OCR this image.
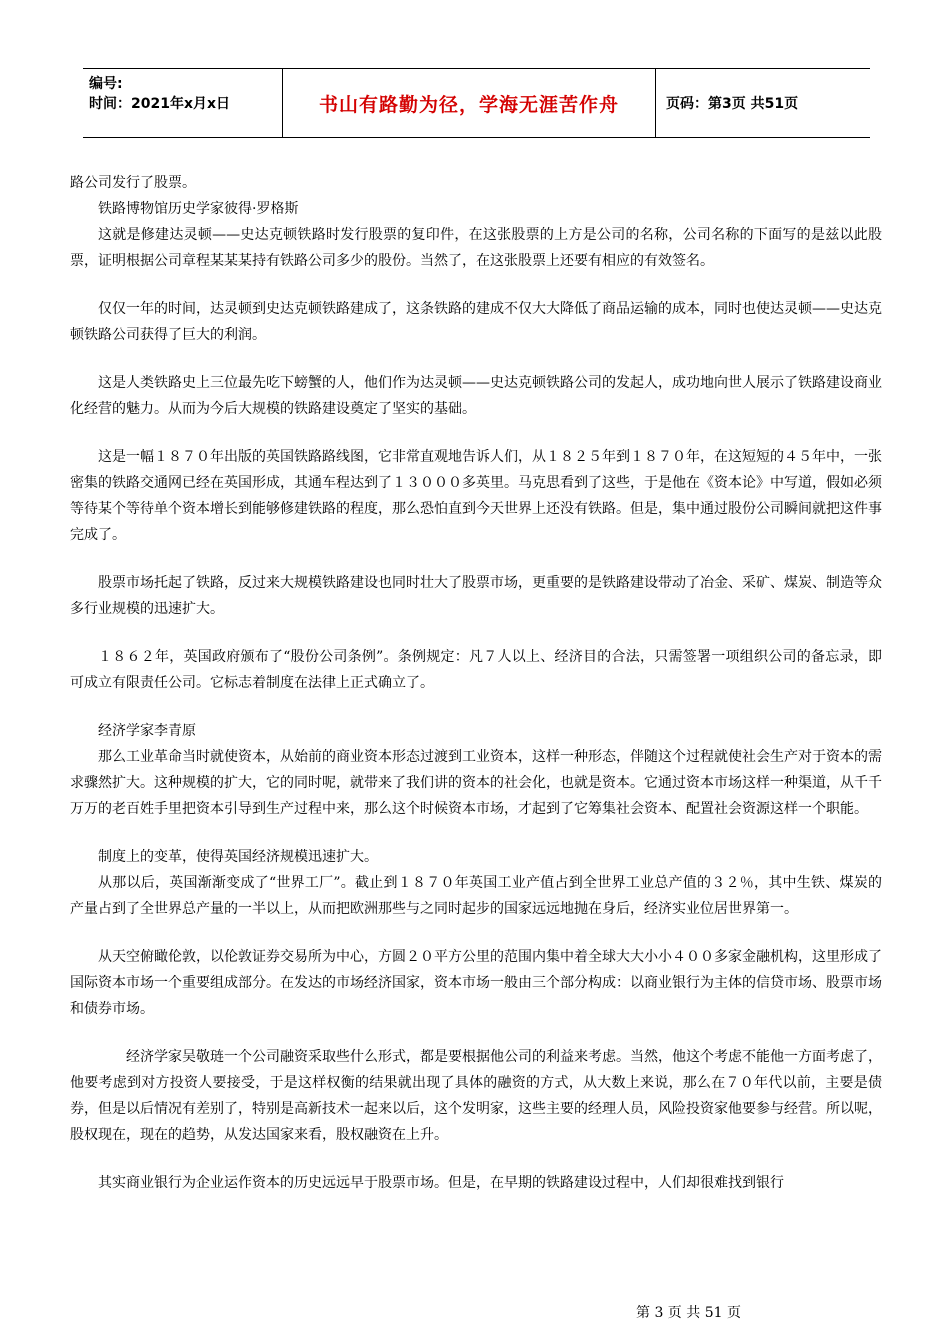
编号:
时间：2021年x月x日	书山有路勤为径，学海无涯苦作舟	页码：第3页 共51页

路公司发行了股票。

铁路博物馆历史学家彼得·罗格斯

这就是修建达灵顿——史达克顿铁路时发行股票的复印件，在这张股票的上方是公司的名称，公司名称的下面写的是兹以此股票，证明根据公司章程某某某持有铁路公司多少的股份。当然了，在这张股票上还要有相应的有效签名。

仅仅一年的时间，达灵顿到史达克顿铁路建成了，这条铁路的建成不仅大大降低了商品运输的成本，同时也使达灵顿——史达克顿铁路公司获得了巨大的利润。

这是人类铁路史上三位最先吃下螃蟹的人，他们作为达灵顿——史达克顿铁路公司的发起人，成功地向世人展示了铁路建设商业化经营的魅力。从而为今后大规模的铁路建设奠定了坚实的基础。

这是一幅１８７０年出版的英国铁路路线图，它非常直观地告诉人们，从１８２５年到１８７０年，在这短短的４５年中，一张密集的铁路交通网已经在英国形成，其通车程达到了１３０００多英里。马克思看到了这些，于是他在《资本论》中写道，假如必须等待某个等待单个资本增长到能够修建铁路的程度，那么恐怕直到今天世界上还没有铁路。但是，集中通过股份公司瞬间就把这件事完成了。

股票市场托起了铁路，反过来大规模铁路建设也同时壮大了股票市场，更重要的是铁路建设带动了冶金、采矿、煤炭、制造等众多行业规模的迅速扩大。

１８６２年，英国政府颁布了“股份公司条例”。条例规定：凡７人以上、经济目的合法，只需签署一项组织公司的备忘录，即可成立有限责任公司。它标志着制度在法律上正式确立了。

经济学家李青原

那么工业革命当时就使资本，从始前的商业资本形态过渡到工业资本，这样一种形态，伴随这个过程就使社会生产对于资本的需求骤然扩大。这种规模的扩大，它的同时呢，就带来了我们讲的资本的社会化，也就是资本。它通过资本市场这样一种渠道，从千千万万的老百姓手里把资本引导到生产过程中来，那么这个时候资本市场，才起到了它筹集社会资本、配置社会资源这样一个职能。

制度上的变革，使得英国经济规模迅速扩大。

从那以后，英国渐渐变成了“世界工厂”。截止到１８７０年英国工业产值占到全世界工业总产值的３２％，其中生铁、煤炭的产量占到了全世界总产量的一半以上，从而把欧洲那些与之同时起步的国家远远地抛在身后，经济实业位居世界第一。

从天空俯瞰伦敦，以伦敦证券交易所为中心，方圆２０平方公里的范围内集中着全球大大小小４００多家金融机构，这里形成了国际资本市场一个重要组成部分。在发达的市场经济国家，资本市场一般由三个部分构成：以商业银行为主体的信贷市场、股票市场和债券市场。

经济学家吴敬琏一个公司融资采取些什么形式，都是要根据他公司的利益来考虑。当然，他这个考虑不能他一方面考虑了，他要考虑到对方投资人要接受，于是这样权衡的结果就出现了具体的融资的方式，从大数上来说，那么在７０年代以前，主要是债券，但是以后情况有差别了，特别是高新技术一起来以后，这个发明家，这些主要的经理人员，风险投资家他要参与经营。所以呢，股权现在，现在的趋势，从发达国家来看，股权融资在上升。

其实商业银行为企业运作资本的历史远远早于股票市场。但是，在早期的铁路建设过程中，人们却很难找到银行

第 3 页 共 51 页
